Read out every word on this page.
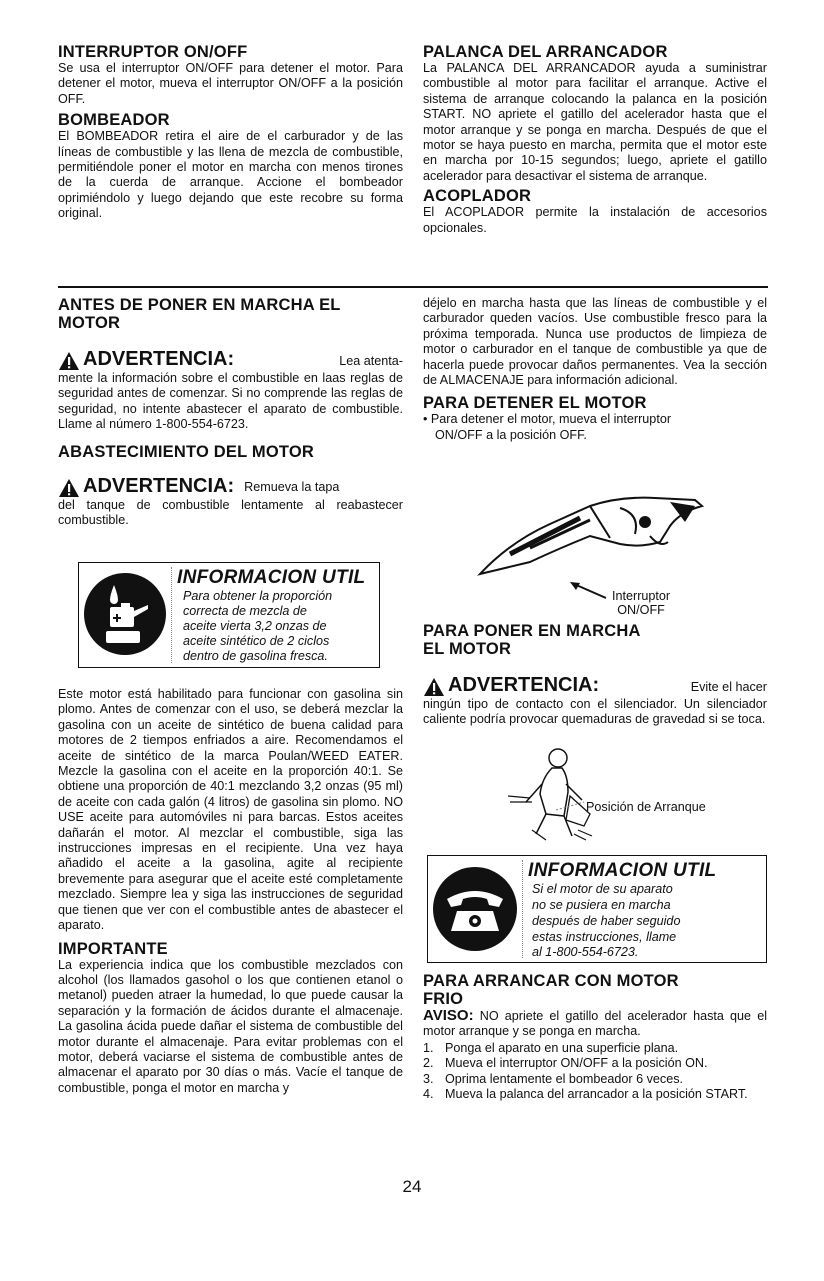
INTERRUPTOR ON/OFF

Se usa el interruptor ON/OFF para detener el motor. Para detener el motor, mueva el interruptor ON/OFF a la posición OFF.

BOMBEADOR

El BOMBEADOR retira el aire de el carburador y de las líneas de combustible y las llena de mezcla de combustible, permitiéndole poner el motor en marcha con menos tirones de la cuerda de arranque. Accione el bombeador oprimiéndolo y luego dejando que este recobre su forma original.

PALANCA DEL ARRANCADOR

La PALANCA DEL ARRANCADOR ayuda a suministrar combustible al motor para facilitar el arranque. Active el sistema de arranque colocando la palanca en la posición START. NO apriete el gatillo del acelerador hasta que el motor arranque y se ponga en marcha. Después de que el motor se haya puesto en marcha, permita que el motor este en marcha por 10-15 segundos; luego, apriete el gatillo acelerador para desactivar el sistema de arranque.

ACOPLADOR

El ACOPLADOR permite la instalación de accesorios opcionales.

ANTES DE PONER EN MARCHA EL
MOTOR
ADVERTENCIA:	Lea atenta-

mente la información sobre el combustible en laas reglas de seguridad antes de comenzar. Si no comprende las reglas de seguridad, no intente abastecer el aparato de combustible. Llame al número 1-800-554-6723.

ABASTECIMIENTO DEL MOTOR
ADVERTENCIA: Remueva la tapa

del tanque de combustible lentamente al reabastecer combustible.

INFORMACION UTIL
Para obtener la proporción
correcta de mezcla de
aceite vierta 3,2 onzas de
aceite sintético de 2 ciclos
dentro de gasolina fresca.

Este motor está habilitado para funcionar con gasolina sin plomo. Antes de comenzar con el uso, se deberá mezclar la gasolina con un aceite de sintético de buena calidad para motores de 2 tiempos enfriados a aire. Recomendamos el aceite de sintético de la marca Poulan/WEED EATER. Mezcle la gasolina con el aceite en la proporción 40:1. Se obtiene una proporción de 40:1 mezclando 3,2 onzas (95 ml) de aceite con cada galón (4 litros) de gasolina sin plomo. NO USE aceite para automóviles ni para barcas. Estos aceites dañarán el motor. Al mezclar el combustible, siga las instrucciones impresas en el recipiente. Una vez haya añadido el aceite a la gasolina, agite al recipiente brevemente para asegurar que el aceite esté completamente mezclado. Siempre lea y siga las instrucciones de seguridad que tienen que ver con el combustible antes de abastecer el aparato.

IMPORTANTE

La experiencia indica que los combustible mezclados con alcohol (los llamados gasohol o los que contienen etanol o metanol) pueden atraer la humedad, lo que puede causar la separación y la formación de ácidos durante el almacenaje. La gasolina ácida puede dañar el sistema de combustible del motor durante el almacenaje. Para evitar problemas con el motor, deberá vaciarse el sistema de combustible antes de almacenar el aparato por 30 días o más. Vacíe el tanque de combustible, ponga el motor en marcha y

déjelo en marcha hasta que las líneas de combustible y el carburador queden vacíos. Use combustible fresco para la próxima temporada. Nunca use productos de limpieza de motor o carburador en el tanque de combustible ya que de hacerla puede provocar daños permanentes. Vea la sección de ALMACENAJE para información adicional.

PARA DETENER EL MOTOR

• Para detener el motor, mueva el interruptor

ON/OFF a la posición OFF.

Interruptor
ON/OFF
PARA PONER EN MARCHA
EL MOTOR
ADVERTENCIA:	Evite el hacer

ningún tipo de contacto con el silenciador. Un silenciador caliente podría provocar quemaduras de gravedad si se toca.

Posición de Arranque
INFORMACION UTIL
Si el motor de su aparato
no se pusiera en marcha
después de haber seguido
estas instrucciones, llame
al 1-800-554-6723.
PARA ARRANCAR CON MOTOR
FRIO

AVISO: NO apriete el gatillo del acelerador hasta que el motor arranque y se ponga en marcha.

1. Ponga el aparato en una superficie plana.
2. Mueva el interruptor ON/OFF a la posición ON.
3. Oprima lentamente el bombeador 6 veces.
4. Mueva la palanca del arrancador a la posición START.
24
